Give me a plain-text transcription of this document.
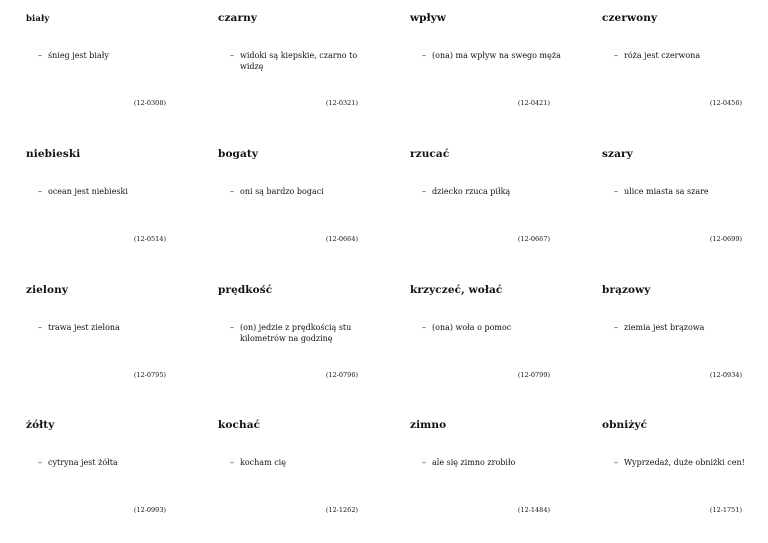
biały
– śnieg jest biały
(12-0308)
czarny
– widoki są kiepskie, czarno to widzę
(12-0321)
wpływ
– (ona) ma wpływ na swego męża
(12-0421)
czerwony
– róża jest czerwona
(12-0456)
niebieski
– ocean jest niebieski
(12-0514)
bogaty
– oni są bardzo bogaci
(12-0664)
rzucać
– dziecko rzuca piłką
(12-0667)
szary
– ulice miasta sa szare
(12-0699)
zielony
– trawa jest zielona
(12-0795)
prędkość
– (on) jedzie z prędkością stu kilometrów na godzinę
(12-0796)
krzyczeć, wołać
– (ona) woła o pomoc
(12-0799)
brązowy
– ziemia jest brązowa
(12-0934)
żółty
– cytryna jest żółta
(12-0993)
kochać
– kocham cię
(12-1262)
zimno
– ale się zimno zrobiło
(12-1484)
obniżyć
– Wyprzedaż, duże obniżki cen!
(12-1751)
